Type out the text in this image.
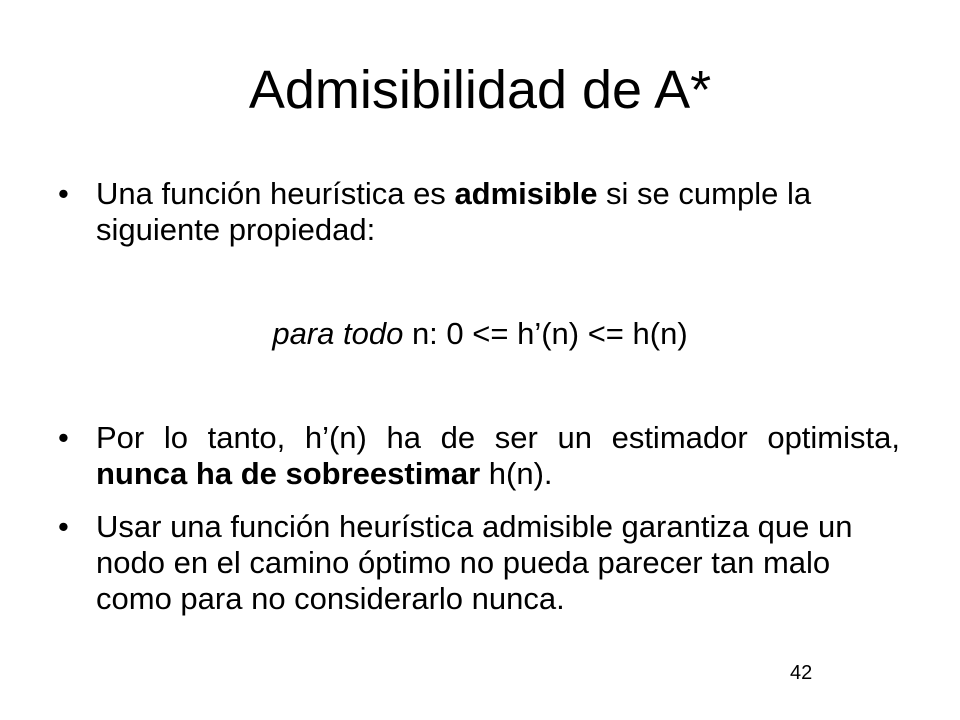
Admisibilidad de A*
• Una función heurística es admisible si se cumple la siguiente propiedad:
para todo n: 0 <= h’(n) <= h(n)
• Por lo tanto, h’(n) ha de ser un estimador optimista, nunca ha de sobreestimar h(n).
• Usar una función heurística admisible garantiza que un nodo en el camino óptimo no pueda parecer tan malo como para no considerarlo nunca.
42
